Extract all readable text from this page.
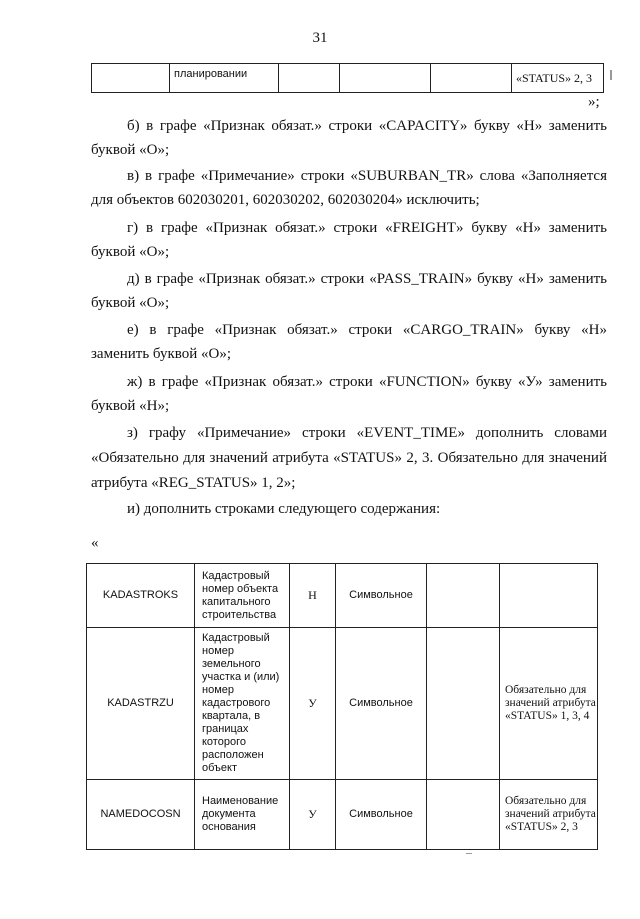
31
	планировании				«STATUS» 2, 3
»;

б) в графе «Признак обязат.» строки «CAPACITY» букву «Н» заменить буквой «О»;

в) в графе «Примечание» строки «SUBURBAN_TR» слова «Заполняется для объектов 602030201, 602030202, 602030204» исключить;

г) в графе «Признак обязат.» строки «FREIGHT» букву «Н» заменить буквой «О»;

д) в графе «Признак обязат.» строки «PASS_TRAIN» букву «Н» заменить буквой «О»;

е) в графе «Признак обязат.» строки «CARGO_TRAIN» букву «Н» заменить буквой «О»;

ж) в графе «Признак обязат.» строки «FUNCTION» букву «У» заменить буквой «Н»;

з) графу «Примечание» строки «EVENT_TIME» дополнить словами «Обязательно для значений атрибута «STATUS» 2, 3. Обязательно для значений атрибута «REG_STATUS» 1, 2»;

и) дополнить строками следующего содержания:

«
KADASTROKS	Кадастровый номер объекта капитального строительства	Н	Символьное		
KADASTRZU	Кадастровый номер земельного участка и (или) номер кадастрового квартала, в границах которого расположен объект	У	Символьное		Обязательно для значений атрибута «STATUS» 1, 3, 4
NAMEDOCOSN	Наименование документа основания	У	Символьное		Обязательно для значений атрибута «STATUS» 2, 3
